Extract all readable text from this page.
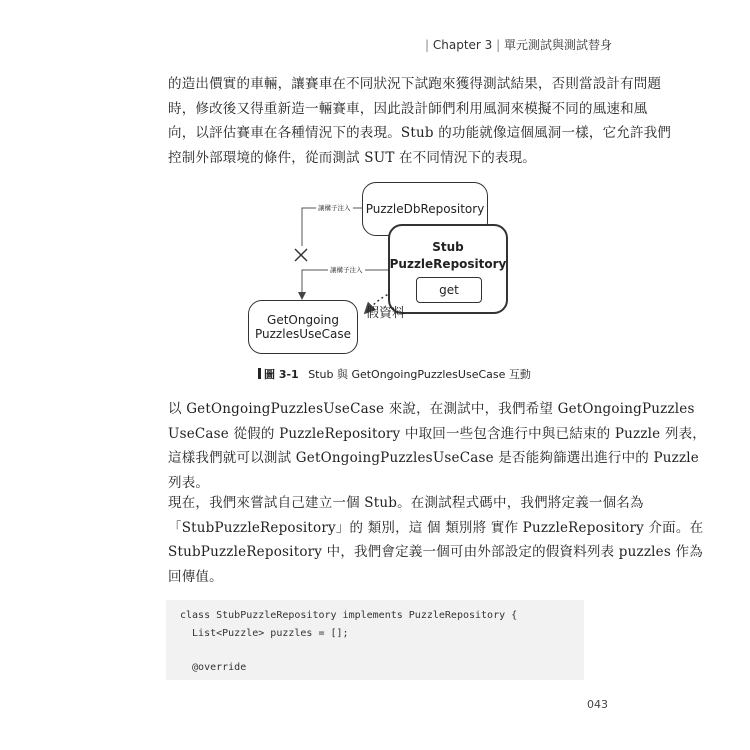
| Chapter 3 | 單元測試與測試替身
的造出價實的車輛，讓賽車在不同狀況下試跑來獲得測試結果，否則當設計有問題
時，修改後又得重新造一輛賽車，因此設計師們利用風洞來模擬不同的風速和風
向，以評估賽車在各種情況下的表現。Stub 的功能就像這個風洞一樣，它允許我們
控制外部環境的條件，從而測試 SUT 在不同情況下的表現。
PuzzleDbRepository
Stub
PuzzleRepository
get
GetOngoing
PuzzlesUseCase
讓構子注入
讓構子注入
假資料
圖 3-1 Stub 與 GetOngoingPuzzlesUseCase 互動
以 GetOngoingPuzzlesUseCase 來說，在測試中，我們希望 GetOngoingPuzzles
UseCase 從假的 PuzzleRepository 中取回一些包含進行中與已結束的 Puzzle 列表，
這樣我們就可以測試 GetOngoingPuzzlesUseCase 是否能夠篩選出進行中的 Puzzle
列表。
現在，我們來嘗試自己建立一個 Stub。在測試程式碼中，我們將定義一個名為
「StubPuzzleRepository」的 類別，這 個 類別將 實作 PuzzleRepository 介面。在
StubPuzzleRepository 中，我們會定義一個可由外部設定的假資料列表 puzzles 作為
回傳值。
class StubPuzzleRepository implements PuzzleRepository {
List<Puzzle> puzzles = [];
@override
043
